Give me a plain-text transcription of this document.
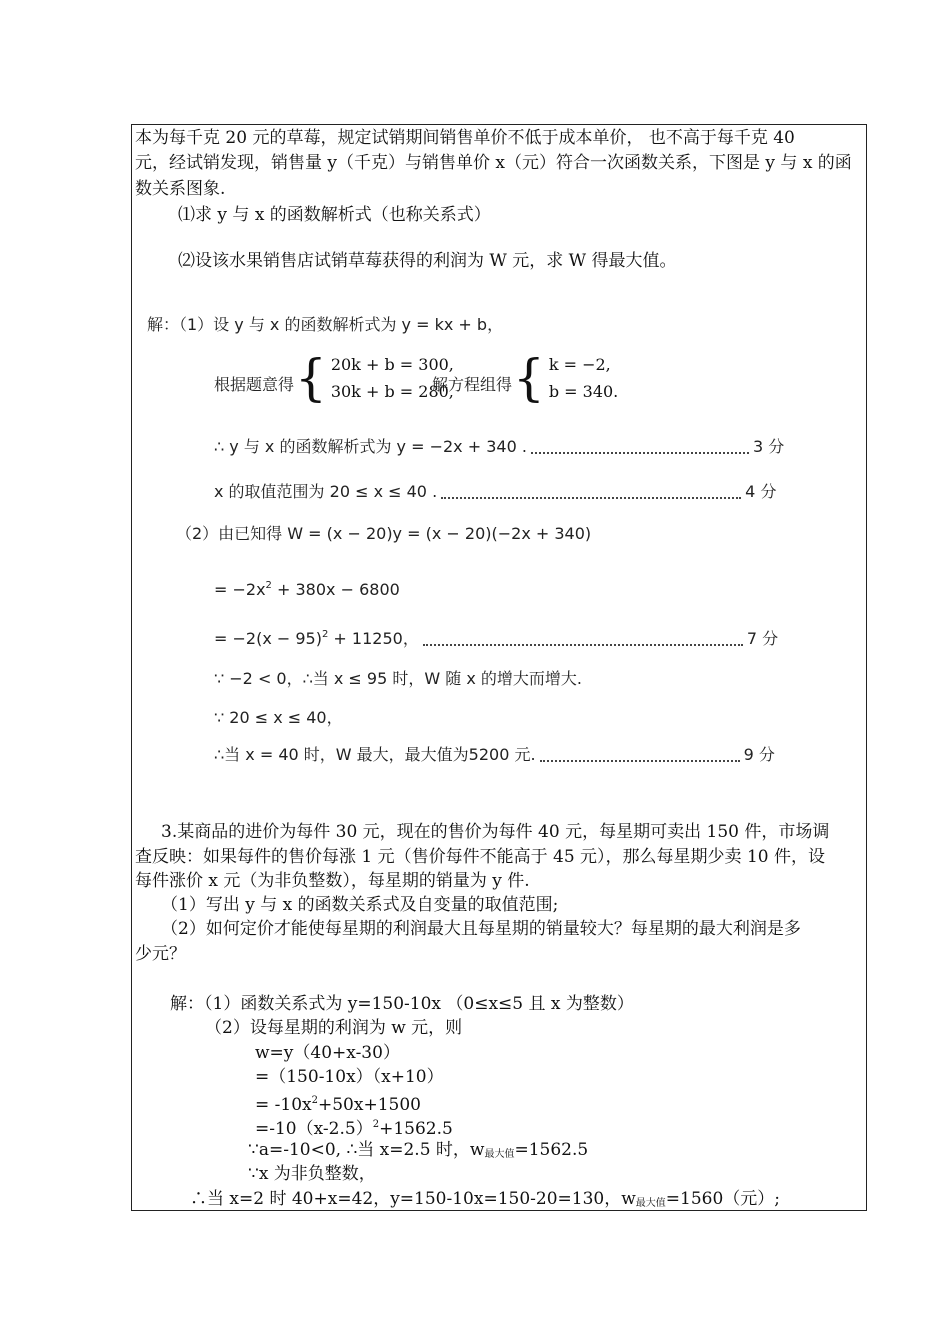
本为每千克 20 元的草莓，规定试销期间销售单价不低于成本单价， 也不高于每千克 40
元，经试销发现，销售量 y（千克）与销售单价 x（元）符合一次函数关系，下图是 y 与 x 的函
数关系图象.
⑴求 y 与 x 的函数解析式（也称关系式）
⑵设该水果销售店试销草莓获得的利润为 W 元，求 W 得最大值。
解：（1）设 y 与 x 的函数解析式为 y = kx + b，
根据题意得 { 20k + b = 300,
30k + b = 280,
解方程组得 { k = −2,
b = 340.
∴ y 与 x 的函数解析式为 y = −2x + 340 .	3 分
x 的取值范围为 20 ≤ x ≤ 40 .	4 分
（2）由已知得 W = (x − 20)y = (x − 20)(−2x + 340)
= $-2x^2 + 380x - 6800$
= $-2(x - 95)^2 + 11250$，	7 分
∵ −2 < 0，∴当 x ≤ 95 时，W 随 x 的增大而增大.
∵ 20 ≤ x ≤ 40，
∴当 x = 40 时，W 最大，最大值为5200 元.	9 分
3.某商品的进价为每件 30 元，现在的售价为每件 40 元，每星期可卖出 150 件，市场调
查反映：如果每件的售价每涨 1 元（售价每件不能高于 45 元），那么每星期少卖 10 件，设
每件涨价 x 元（为非负整数），每星期的销量为 y 件.
（1）写出 y 与 x 的函数关系式及自变量的取值范围;
（2）如何定价才能使每星期的利润最大且每星期的销量较大？每星期的最大利润是多
少元？
解：（1）函数关系式为 y=150-10x （0≤x≤5 且 x 为整数）
（2）设每星期的利润为 w 元，则
w=y（40+x-30）
=（150-10x）（x+10）
= $-10x^2+50x+1500$
$=-10(x-2.5)^2+1562.5$
∵a=-10<0, ∴当 x=2.5 时，$w_{最大值}=1562.5$
∵x 为非负整数，
∴当 x=2 时 40+x=42，y=150-10x=150-20=130，$w_{最大值}=1560$（元）;
